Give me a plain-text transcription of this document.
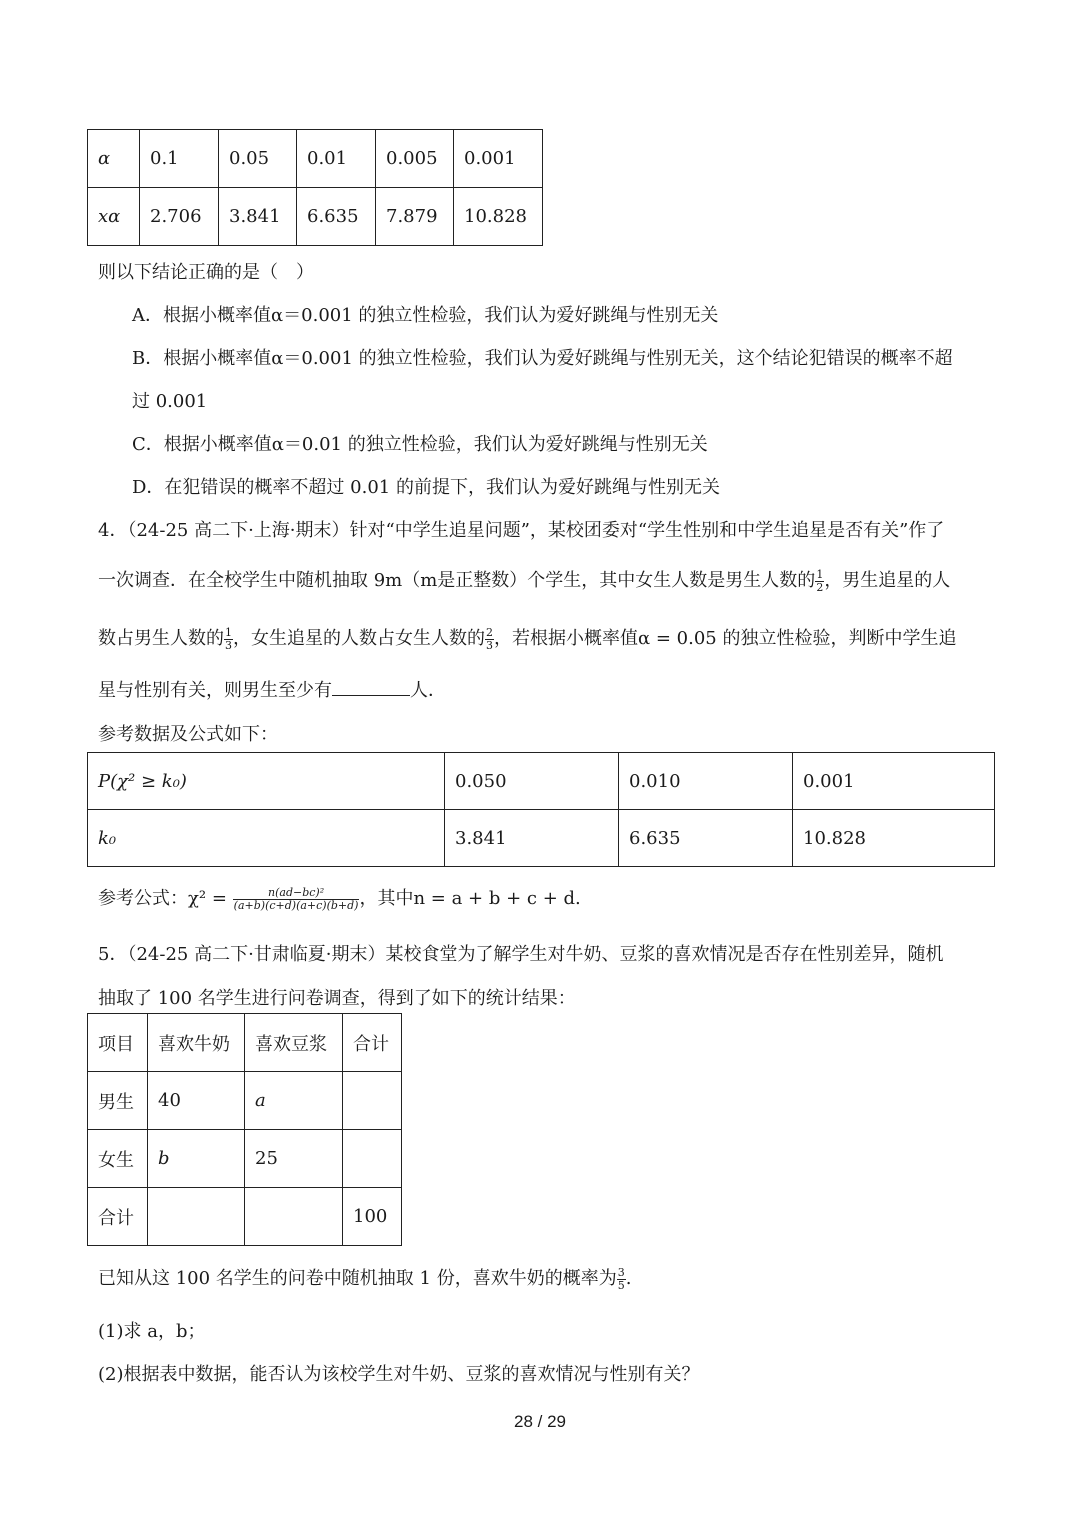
α	0.1	0.05	0.01	0.005	0.001
xα	2.706	3.841	6.635	7.879	10.828
则以下结论正确的是（　）
A．根据小概率值α＝0.001 的独立性检验，我们认为爱好跳绳与性别无关
B．根据小概率值α＝0.001 的独立性检验，我们认为爱好跳绳与性别无关，这个结论犯错误的概率不超
过 0.001
C．根据小概率值α＝0.01 的独立性检验，我们认为爱好跳绳与性别无关
D．在犯错误的概率不超过 0.01 的前提下，我们认为爱好跳绳与性别无关
4．（24-25 高二下·上海·期末）针对“中学生追星问题”，某校团委对“学生性别和中学生追星是否有关”作了
一次调查．在全校学生中随机抽取 9m（m是正整数）个学生，其中女生人数是男生人数的 $\frac{1}{2}$ ，男生追星的人
数占男生人数的 $\frac{1}{3}$ ，女生追星的人数占女生人数的 $\frac{2}{3}$ ，若根据小概率值α = 0.05 的独立性检验，判断中学生追
星与性别有关，则男生至少有	人．
参考数据及公式如下：
P(χ² ≥ k₀)	0.050	0.010	0.001
k₀	3.841	6.635	10.828
参考公式：$\chi^2 = \frac{\text{n(ad−bc)²}}{(a+b)(c+d)(a+c)(b+d)}$ ，其中n = a + b + c + d.
5．（24-25 高二下·甘肃临夏·期末）某校食堂为了解学生对牛奶、豆浆的喜欢情况是否存在性别差异，随机
抽取了 100 名学生进行问卷调查，得到了如下的统计结果：
项目	喜欢牛奶	喜欢豆浆	合计
男生	40	a	
女生	b	25	
合计			100
已知从这 100 名学生的问卷中随机抽取 1 份，喜欢牛奶的概率为 $\frac{3}{5}$ .
(1)求 a，b；
(2)根据表中数据，能否认为该校学生对牛奶、豆浆的喜欢情况与性别有关？
28 / 29
